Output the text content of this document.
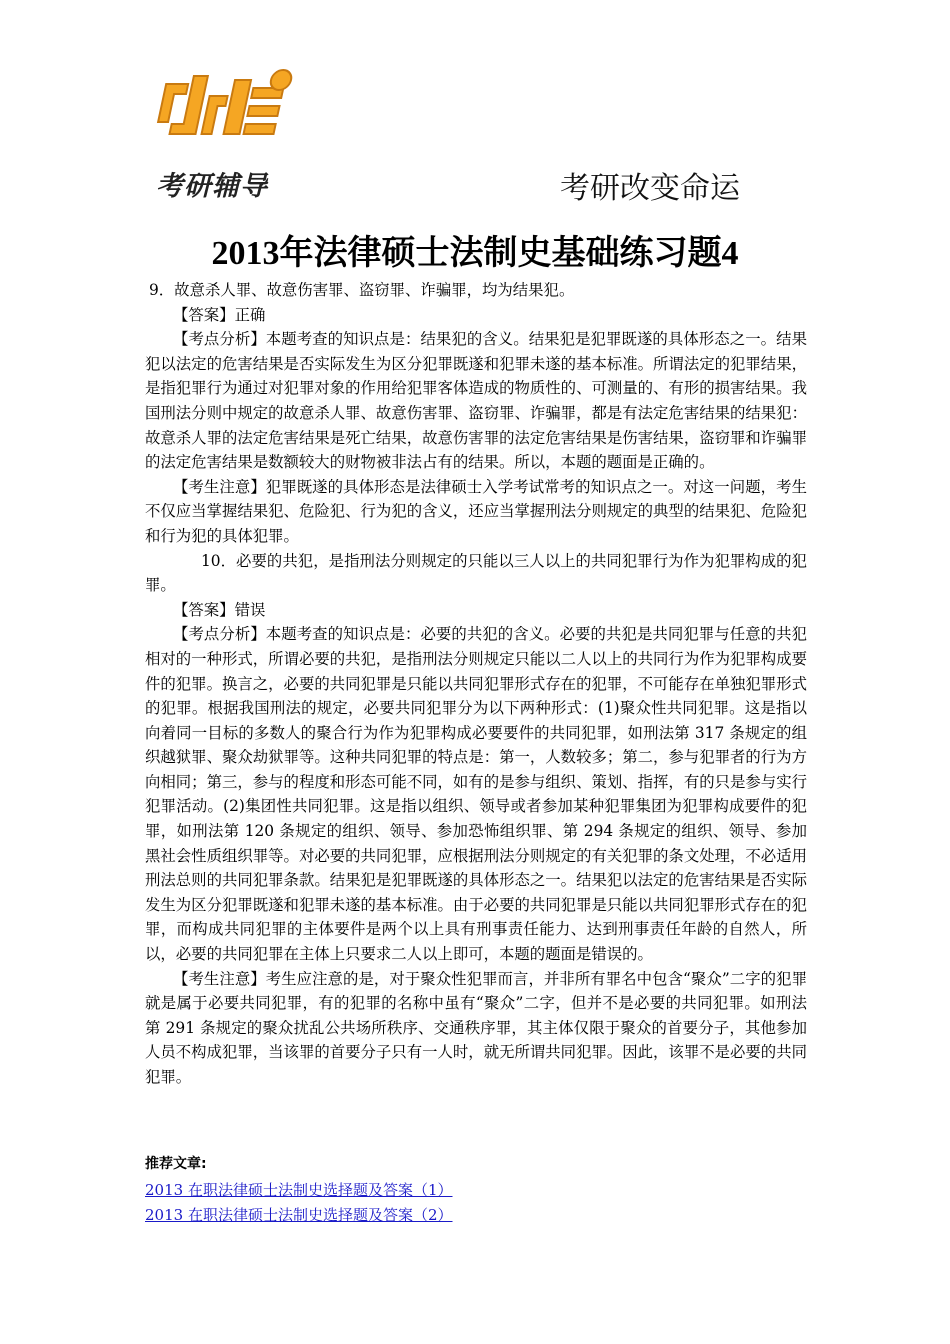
考研辅导	考研改变命运
2013年法律硕士法制史基础练习题4

9．故意杀人罪、故意伤害罪、盗窃罪、诈骗罪，均为结果犯。

【答案】正确

【考点分析】本题考查的知识点是：结果犯的含义。结果犯是犯罪既遂的具体形态之一。结果犯以法定的危害结果是否实际发生为区分犯罪既遂和犯罪未遂的基本标准。所谓法定的犯罪结果，是指犯罪行为通过对犯罪对象的作用给犯罪客体造成的物质性的、可测量的、有形的损害结果。我国刑法分则中规定的故意杀人罪、故意伤害罪、盗窃罪、诈骗罪，都是有法定危害结果的结果犯：故意杀人罪的法定危害结果是死亡结果，故意伤害罪的法定危害结果是伤害结果，盗窃罪和诈骗罪的法定危害结果是数额较大的财物被非法占有的结果。所以，本题的题面是正确的。

【考生注意】犯罪既遂的具体形态是法律硕士入学考试常考的知识点之一。对这一问题，考生不仅应当掌握结果犯、危险犯、行为犯的含义，还应当掌握刑法分则规定的典型的结果犯、危险犯和行为犯的具体犯罪。

10．必要的共犯，是指刑法分则规定的只能以三人以上的共同犯罪行为作为犯罪构成的犯罪。

【答案】错误

【考点分析】本题考查的知识点是：必要的共犯的含义。必要的共犯是共同犯罪与任意的共犯相对的一种形式，所谓必要的共犯，是指刑法分则规定只能以二人以上的共同行为作为犯罪构成要件的犯罪。换言之，必要的共同犯罪是只能以共同犯罪形式存在的犯罪，不可能存在单独犯罪形式的犯罪。根据我国刑法的规定，必要共同犯罪分为以下两种形式：(1)聚众性共同犯罪。这是指以向着同一目标的多数人的聚合行为作为犯罪构成必要要件的共同犯罪，如刑法第 317 条规定的组织越狱罪、聚众劫狱罪等。这种共同犯罪的特点是：第一，人数较多；第二，参与犯罪者的行为方向相同；第三，参与的程度和形态可能不同，如有的是参与组织、策划、指挥，有的只是参与实行犯罪活动。(2)集团性共同犯罪。这是指以组织、领导或者参加某种犯罪集团为犯罪构成要件的犯罪，如刑法第 120 条规定的组织、领导、参加恐怖组织罪、第 294 条规定的组织、领导、参加黑社会性质组织罪等。对必要的共同犯罪，应根据刑法分则规定的有关犯罪的条文处理，不必适用刑法总则的共同犯罪条款。结果犯是犯罪既遂的具体形态之一。结果犯以法定的危害结果是否实际发生为区分犯罪既遂和犯罪未遂的基本标准。由于必要的共同犯罪是只能以共同犯罪形式存在的犯罪，而构成共同犯罪的主体要件是两个以上具有刑事责任能力、达到刑事责任年龄的自然人，所以，必要的共同犯罪在主体上只要求二人以上即可，本题的题面是错误的。

【考生注意】考生应注意的是，对于聚众性犯罪而言，并非所有罪名中包含“聚众”二字的犯罪就是属于必要共同犯罪，有的犯罪的名称中虽有“聚众”二字，但并不是必要的共同犯罪。如刑法第 291 条规定的聚众扰乱公共场所秩序、交通秩序罪，其主体仅限于聚众的首要分子，其他参加人员不构成犯罪，当该罪的首要分子只有一人时，就无所谓共同犯罪。因此，该罪不是必要的共同犯罪。

推荐文章:
2013 在职法律硕士法制史选择题及答案（1）
2013 在职法律硕士法制史选择题及答案（2）
